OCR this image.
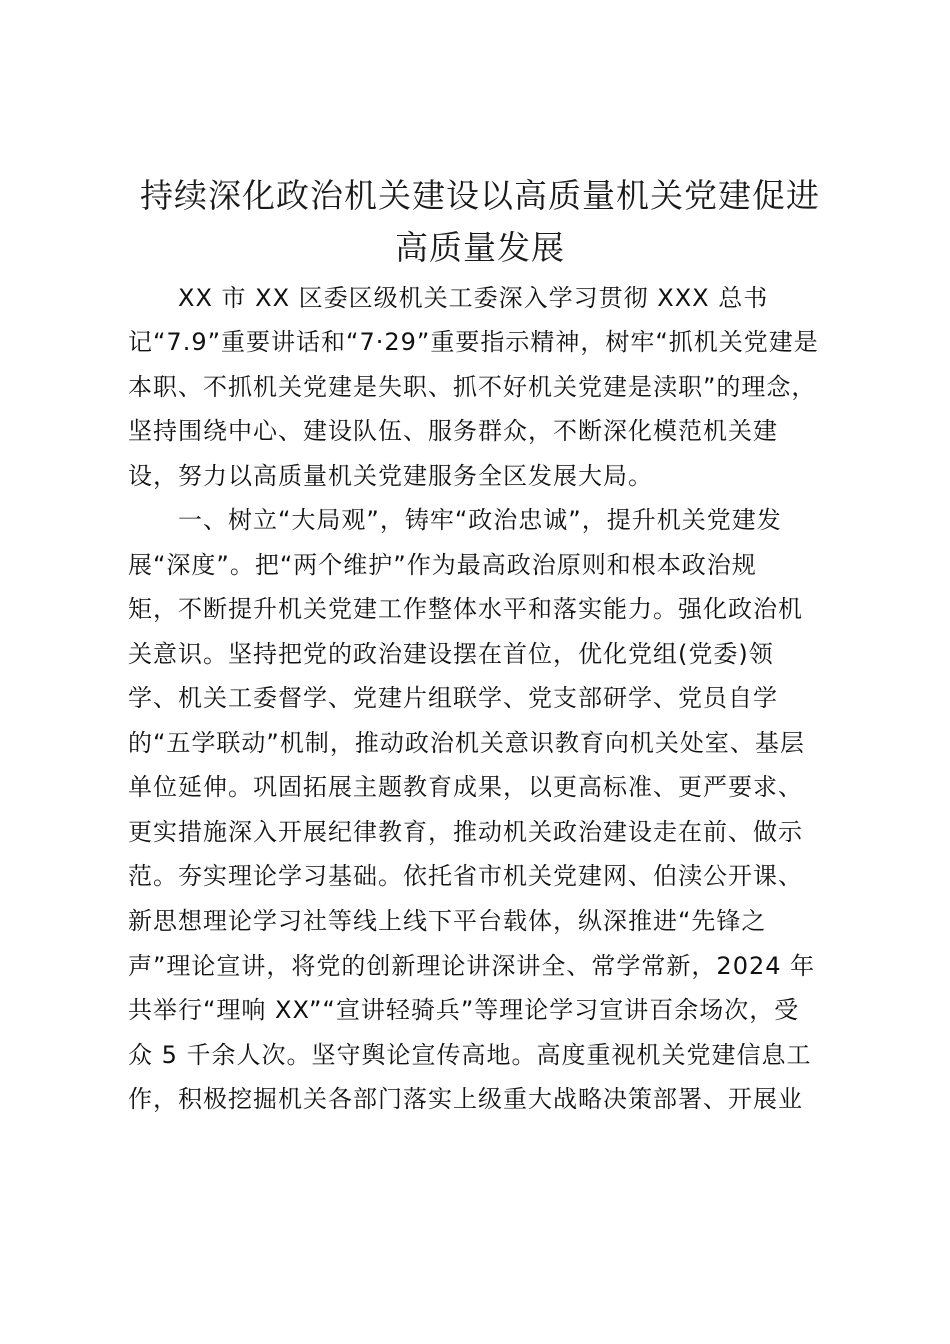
持续深化政治机关建设以高质量机关党建促进
高质量发展
XX 市 XX 区委区级机关工委深入学习贯彻 XXX 总书
记“7.9”重要讲话和“7·29”重要指示精神，树牢“抓机关党建是
本职、不抓机关党建是失职、抓不好机关党建是渎职”的理念，
坚持围绕中心、建设队伍、服务群众，不断深化模范机关建
设，努力以高质量机关党建服务全区发展大局。
一、树立“大局观”，铸牢“政治忠诚”，提升机关党建发
展“深度”。把“两个维护”作为最高政治原则和根本政治规
矩，不断提升机关党建工作整体水平和落实能力。强化政治机
关意识。坚持把党的政治建设摆在首位，优化党组(党委)领
学、机关工委督学、党建片组联学、党支部研学、党员自学
的“五学联动”机制，推动政治机关意识教育向机关处室、基层
单位延伸。巩固拓展主题教育成果，以更高标准、更严要求、
更实措施深入开展纪律教育，推动机关政治建设走在前、做示
范。夯实理论学习基础。依托省市机关党建网、伯渎公开课、
新思想理论学习社等线上线下平台载体，纵深推进“先锋之
声”理论宣讲，将党的创新理论讲深讲全、常学常新，2024 年
共举行“理响 XX”“宣讲轻骑兵”等理论学习宣讲百余场次，受
众 5 千余人次。坚守舆论宣传高地。高度重视机关党建信息工
作，积极挖掘机关各部门落实上级重大战略决策部署、开展业
